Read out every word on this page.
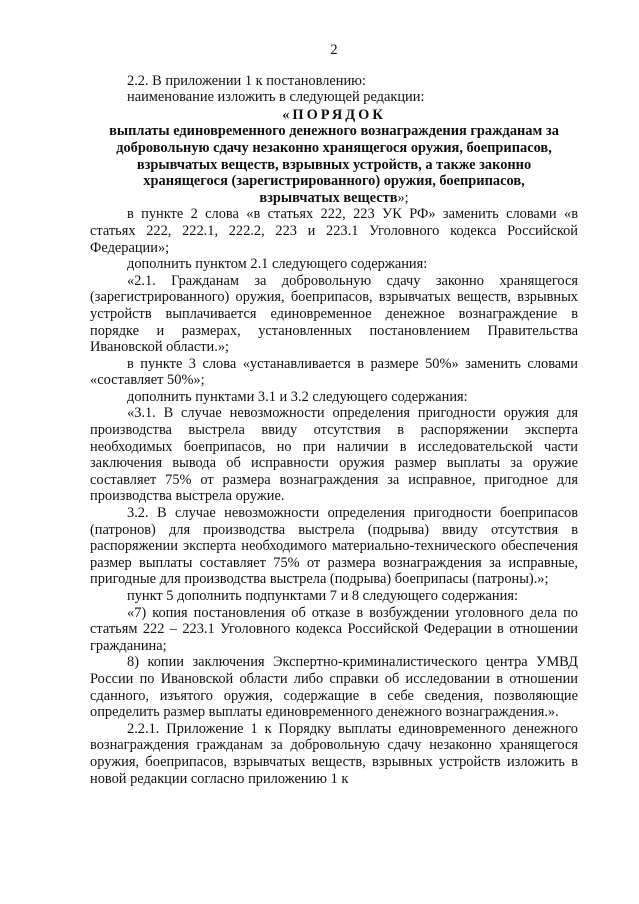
2

2.2. В приложении 1 к постановлению:

наименование изложить в следующей редакции:

«ПОРЯДОК

выплаты единовременного денежного вознаграждения гражданам за

добровольную сдачу незаконно хранящегося оружия, боеприпасов,

взрывчатых веществ, взрывных устройств, а также законно

хранящегося (зарегистрированного) оружия, боеприпасов,

взрывчатых веществ»;

в пункте 2 слова «в статьях 222, 223 УК РФ» заменить словами «в статьях 222, 222.1, 222.2, 223 и 223.1 Уголовного кодекса Российской Федерации»;

дополнить пунктом 2.1 следующего содержания:

«2.1. Гражданам за добровольную сдачу законно хранящегося (зарегистрированного) оружия, боеприпасов, взрывчатых веществ, взрывных устройств выплачивается единовременное денежное вознаграждение в порядке и размерах, установленных постановлением Правительства Ивановской области.»;

в пункте 3 слова «устанавливается в размере 50%» заменить словами «составляет 50%»;

дополнить пунктами 3.1 и 3.2 следующего содержания:

«3.1. В случае невозможности определения пригодности оружия для производства выстрела ввиду отсутствия в распоряжении эксперта необходимых боеприпасов, но при наличии в исследовательской части заключения вывода об исправности оружия размер выплаты за оружие составляет 75% от размера вознаграждения за исправное, пригодное для производства выстрела оружие.

3.2. В случае невозможности определения пригодности боеприпасов (патронов) для производства выстрела (подрыва) ввиду отсутствия в распоряжении эксперта необходимого материально-технического обеспечения размер выплаты составляет 75% от размера вознаграждения за исправные, пригодные для производства выстрела (подрыва) боеприпасы (патроны).»;

пункт 5 дополнить подпунктами 7 и 8 следующего содержания:

«7) копия постановления об отказе в возбуждении уголовного дела по статьям 222 – 223.1 Уголовного кодекса Российской Федерации в отношении гражданина;

8) копии заключения Экспертно-криминалистического центра УМВД России по Ивановской области либо справки об исследовании в отношении сданного, изъятого оружия, содержащие в себе сведения, позволяющие определить размер выплаты единовременного денежного вознаграждения.».

2.2.1. Приложение 1 к Порядку выплаты единовременного денежного вознаграждения гражданам за добровольную сдачу незаконно хранящегося оружия, боеприпасов, взрывчатых веществ, взрывных устройств изложить в новой редакции согласно приложению 1 к
